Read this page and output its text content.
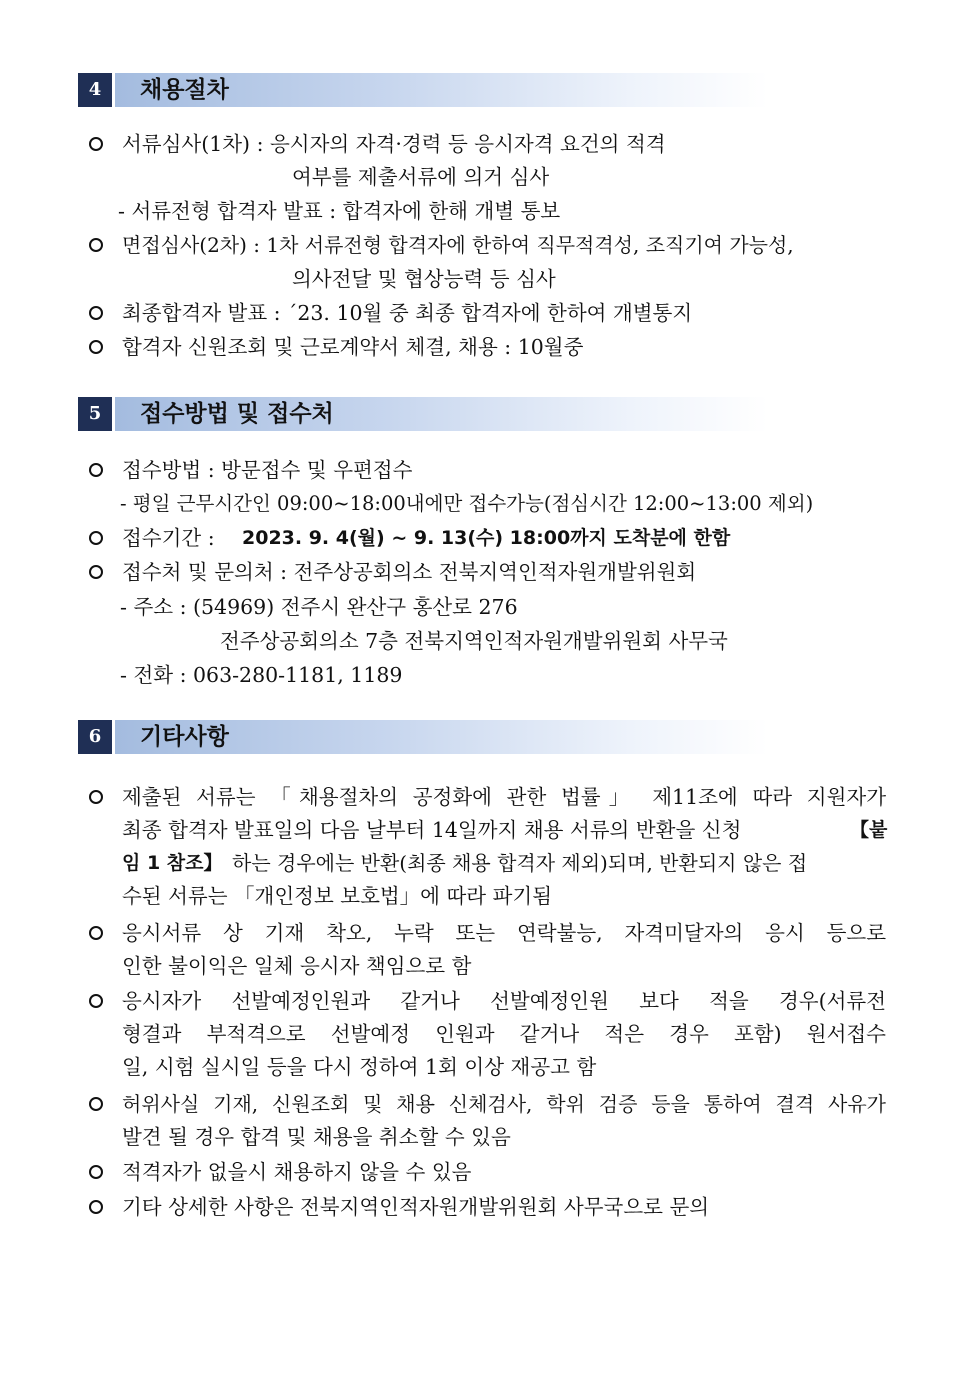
4	채용절차
서류심사(1차) : 응시자의 자격·경력 등 응시자격 요건의 적격
여부를 제출서류에 의거 심사
- 서류전형 합격자 발표 : 합격자에 한해 개별 통보
면접심사(2차) : 1차 서류전형 합격자에 한하여 직무적격성, 조직기여 가능성,
의사전달 및 협상능력 등 심사
최종합격자 발표 : ´23. 10월 중 최종 합격자에 한하여 개별통지
합격자 신원조회 및 근로계약서 체결, 채용 : 10월중
5	접수방법 및 접수처
접수방법 : 방문접수 및 우편접수
- 평일 근무시간인 09:00~18:00내에만 접수가능(점심시간 12:00~13:00 제외)
접수기간 : 2023. 9. 4(월) ~ 9. 13(수) 18:00까지 도착분에 한함
접수처 및 문의처 : 전주상공회의소 전북지역인적자원개발위원회
- 주소 : (54969) 전주시 완산구 홍산로 276
전주상공회의소 7층 전북지역인적자원개발위원회 사무국
- 전화 : 063-280-1181, 1189
6	기타사항
제출된 서류는 「채용절차의 공정화에 관한 법률」 제11조에 따라 지원자가
최종 합격자 발표일의 다음 날부터 14일까지 채용 서류의 반환을 신청	【붙
임 1 참조】 하는 경우에는 반환(최종 채용 합격자 제외)되며, 반환되지 않은 접
수된 서류는 「개인정보 보호법」에 따라 파기됨
응시서류 상 기재 착오, 누락 또는 연락불능, 자격미달자의 응시 등으로
인한 불이익은 일체 응시자 책임으로 함
응시자가 선발예정인원과 같거나 선발예정인원 보다 적을 경우(서류전
형결과 부적격으로 선발예정 인원과 같거나 적은 경우 포함) 원서접수
일, 시험 실시일 등을 다시 정하여 1회 이상 재공고 함
허위사실 기재, 신원조회 및 채용 신체검사, 학위 검증 등을 통하여 결격 사유가
발견 될 경우 합격 및 채용을 취소할 수 있음
적격자가 없을시 채용하지 않을 수 있음
기타 상세한 사항은 전북지역인적자원개발위원회 사무국으로 문의
